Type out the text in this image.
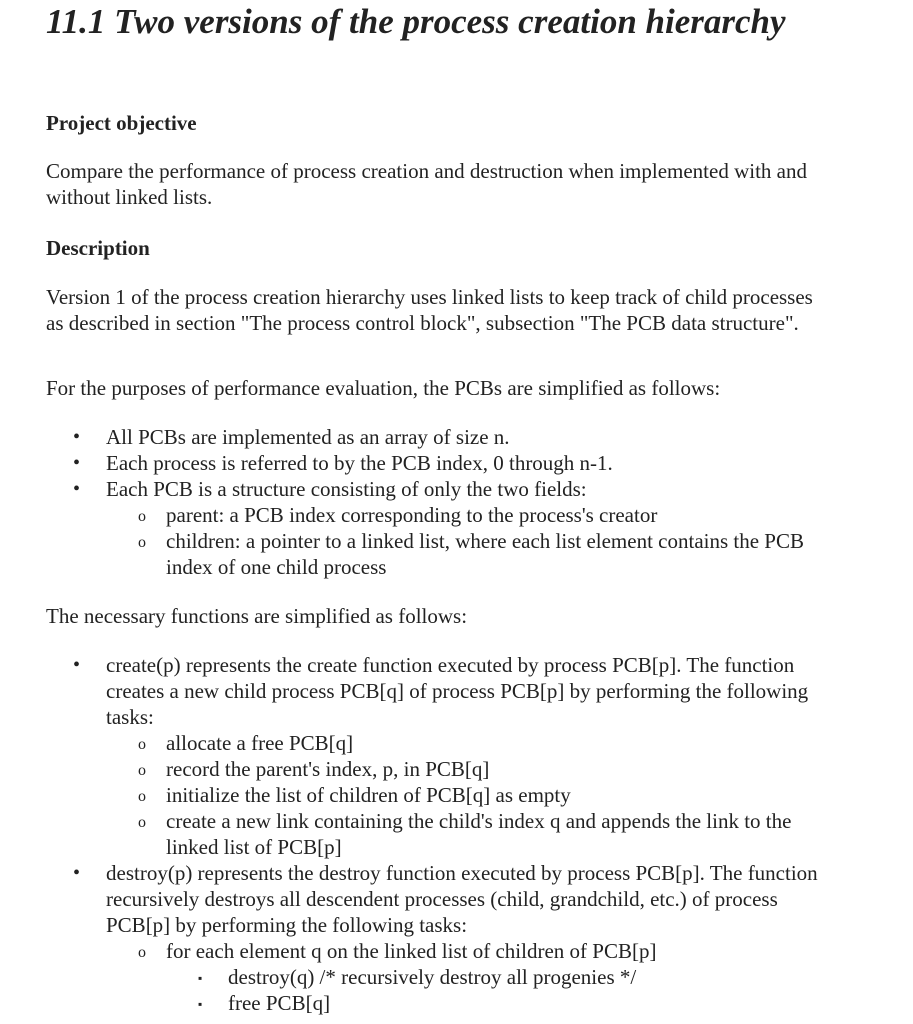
11.1 Two versions of the process creation hierarchy
Project objective
Compare the performance of process creation and destruction when implemented with and without linked lists.
Description
Version 1 of the process creation hierarchy uses linked lists to keep track of child processes as described in section "The process control block", subsection "The PCB data structure".
For the purposes of performance evaluation, the PCBs are simplified as follows:
• All PCBs are implemented as an array of size n.
• Each process is referred to by the PCB index, 0 through n-1.
• Each PCB is a structure consisting of only the two fields:
o parent: a PCB index corresponding to the process's creator
o children: a pointer to a linked list, where each list element contains the PCB index of one child process
The necessary functions are simplified as follows:
• create(p) represents the create function executed by process PCB[p]. The function creates a new child process PCB[q] of process PCB[p] by performing the following tasks:
o allocate a free PCB[q]
o record the parent's index, p, in PCB[q]
o initialize the list of children of PCB[q] as empty
o create a new link containing the child's index q and appends the link to the linked list of PCB[p]
• destroy(p) represents the destroy function executed by process PCB[p]. The function recursively destroys all descendent processes (child, grandchild, etc.) of process PCB[p] by performing the following tasks:
o for each element q on the linked list of children of PCB[p]
▪ destroy(q) /* recursively destroy all progenies */
▪ free PCB[q]
